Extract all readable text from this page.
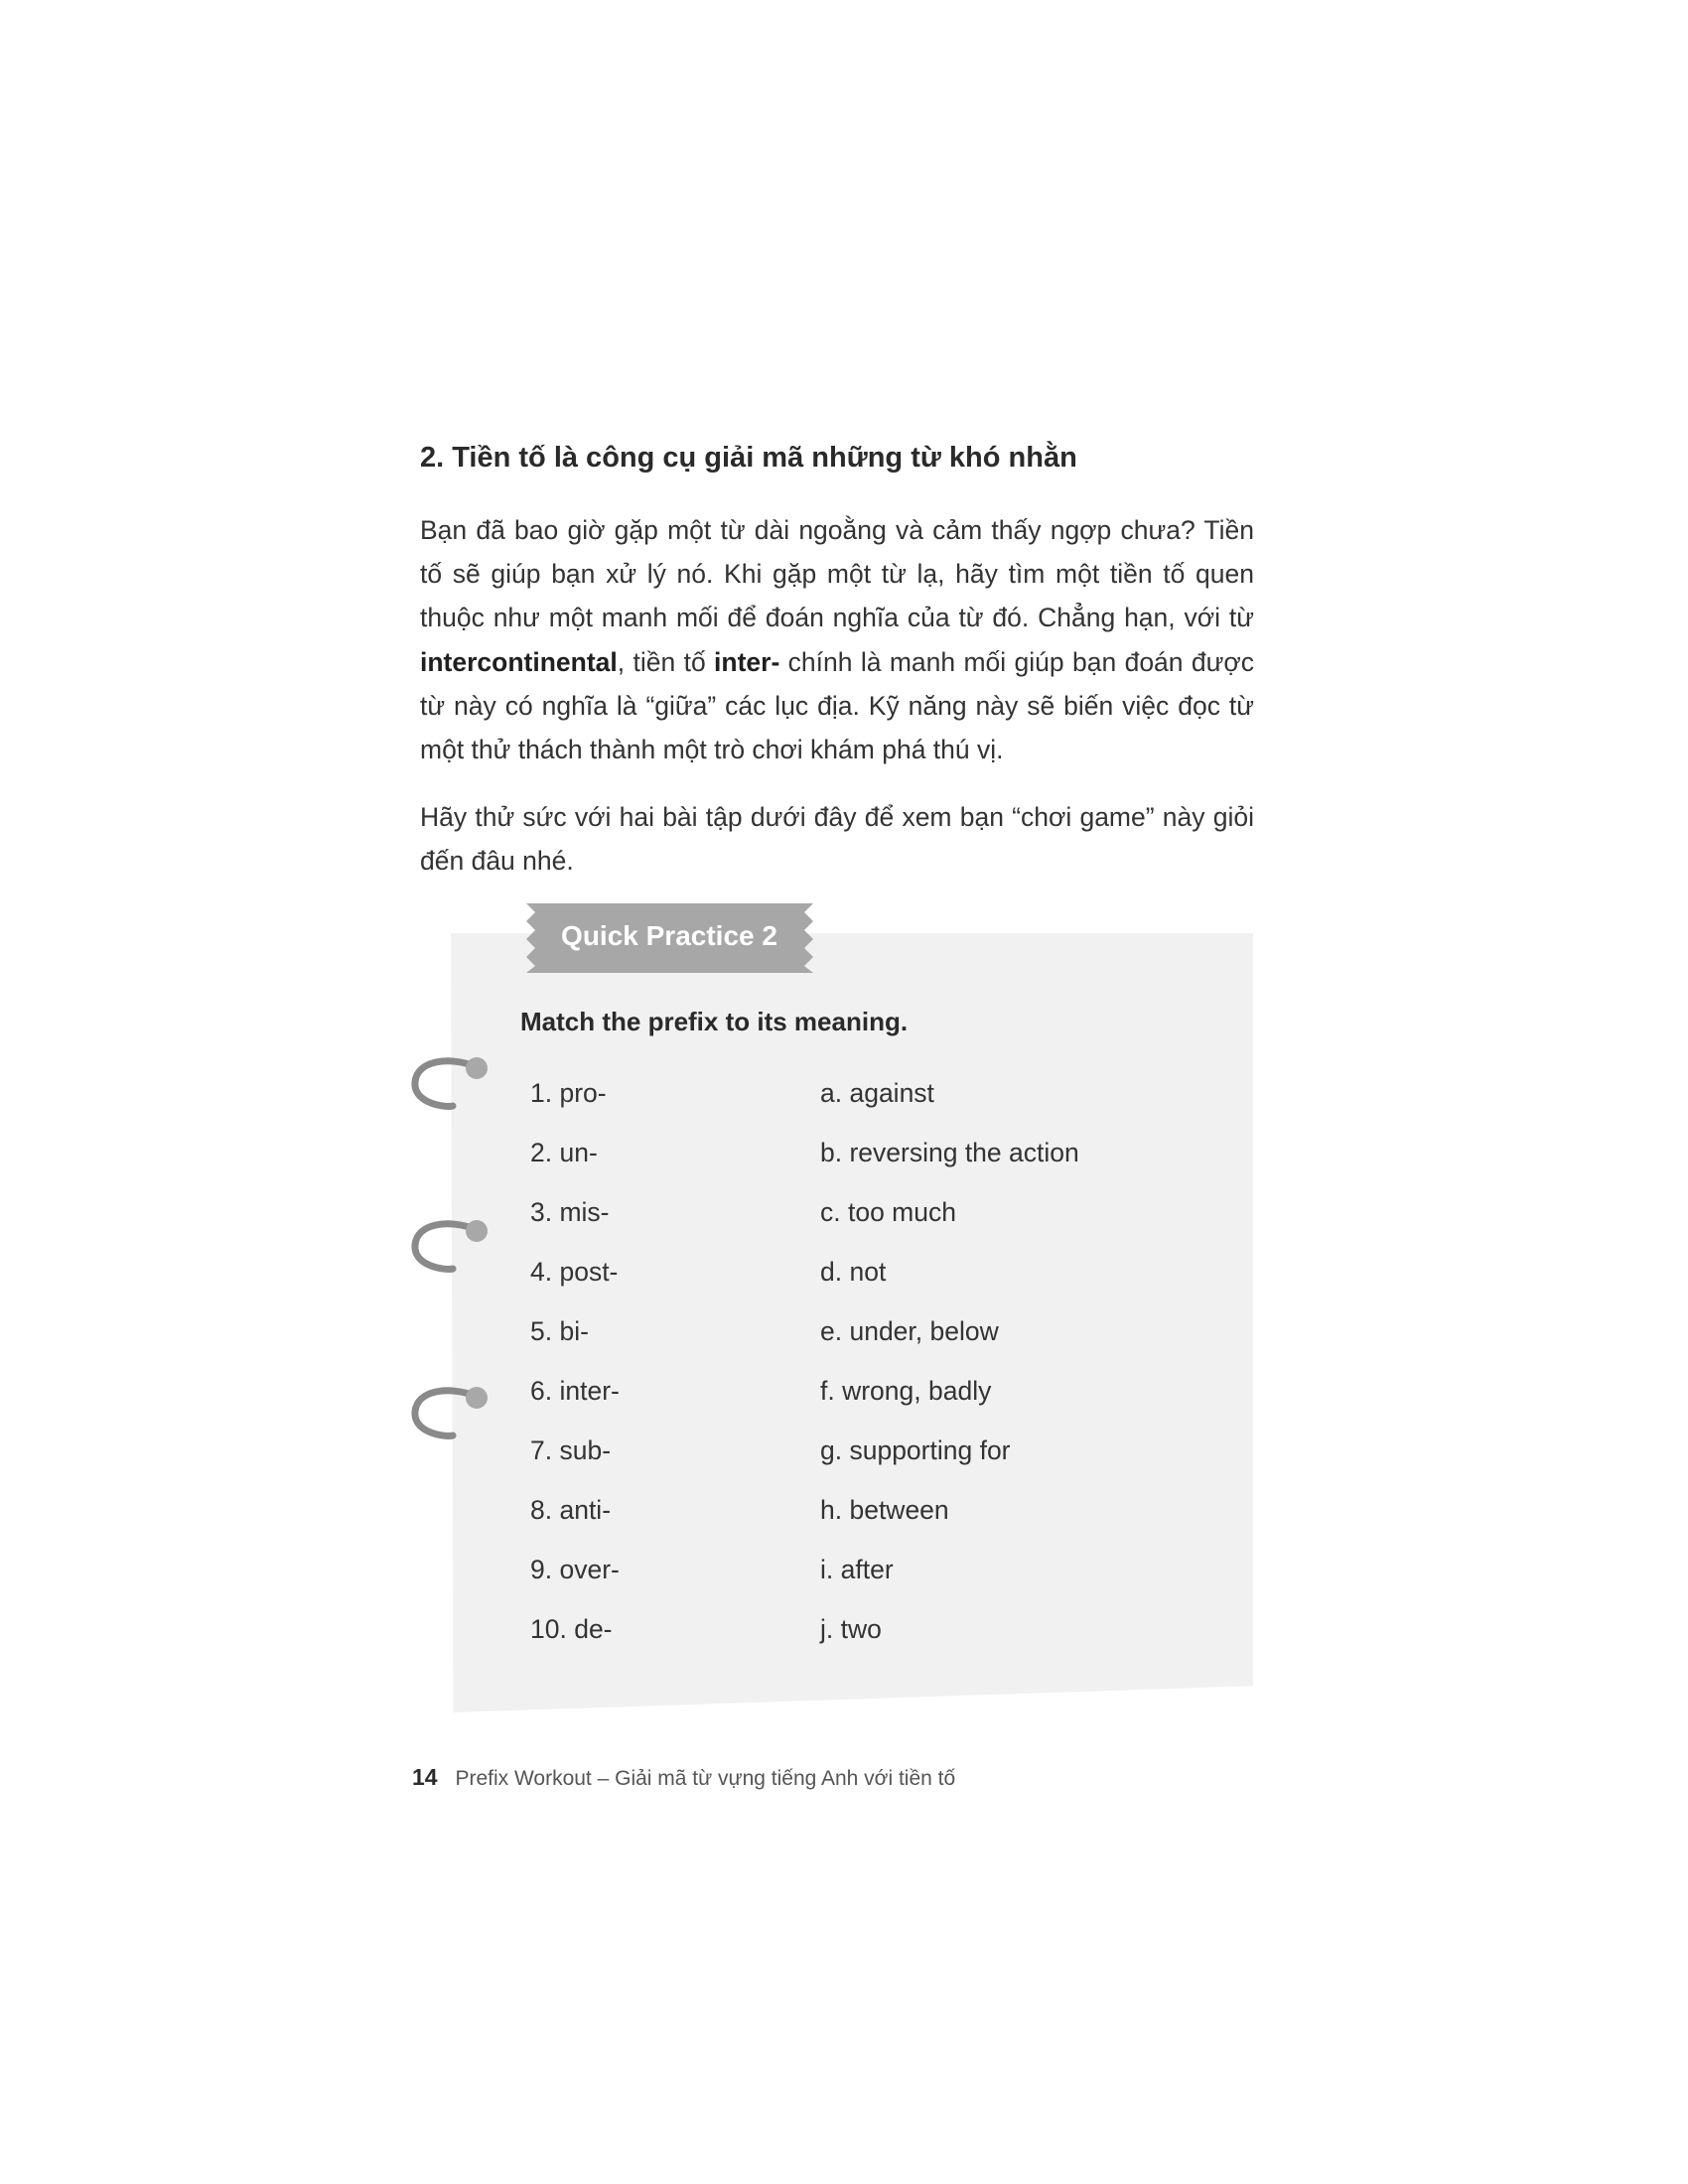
2. Tiền tố là công cụ giải mã những từ khó nhằn

Bạn đã bao giờ gặp một từ dài ngoằng và cảm thấy ngợp chưa? Tiền tố sẽ giúp bạn xử lý nó. Khi gặp một từ lạ, hãy tìm một tiền tố quen thuộc như một manh mối để đoán nghĩa của từ đó. Chẳng hạn, với từ intercontinental, tiền tố inter- chính là manh mối giúp bạn đoán được từ này có nghĩa là “giữa” các lục địa. Kỹ năng này sẽ biến việc đọc từ một thử thách thành một trò chơi khám phá thú vị.

Hãy thử sức với hai bài tập dưới đây để xem bạn “chơi game” này giỏi đến đâu nhé.

Quick Practice 2

Match the prefix to its meaning.

1. pro-	a. against
2. un-	b. reversing the action
3. mis-	c. too much
4. post-	d. not
5. bi-	e. under, below
6. inter-	f. wrong, badly
7. sub-	g. supporting for
8. anti-	h. between
9. over-	i. after
10. de-	j. two
14 Prefix Workout – Giải mã từ vựng tiếng Anh với tiền tố
